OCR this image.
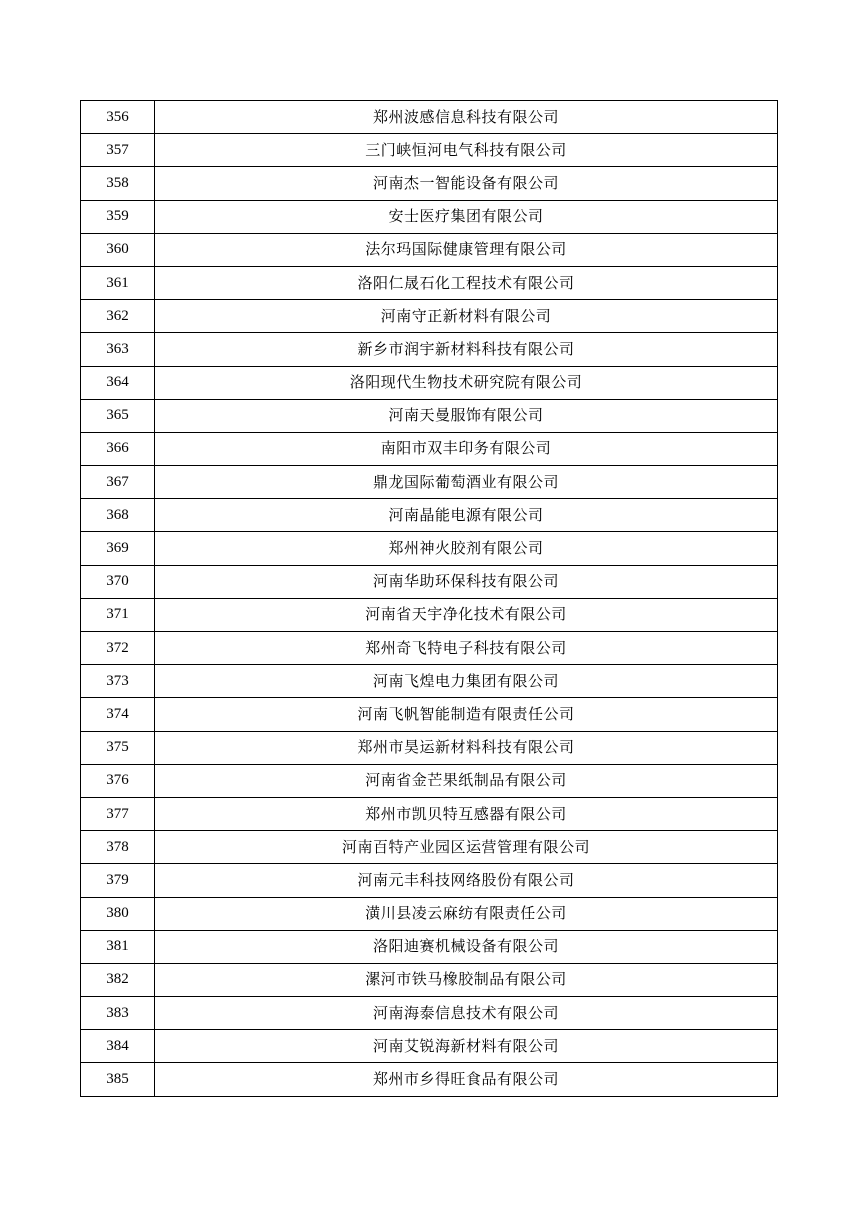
356	郑州波感信息科技有限公司
357	三门峡恒河电气科技有限公司
358	河南杰一智能设备有限公司
359	安士医疗集团有限公司
360	法尔玛国际健康管理有限公司
361	洛阳仁晟石化工程技术有限公司
362	河南守正新材料有限公司
363	新乡市润宇新材料科技有限公司
364	洛阳现代生物技术研究院有限公司
365	河南天曼服饰有限公司
366	南阳市双丰印务有限公司
367	鼎龙国际葡萄酒业有限公司
368	河南晶能电源有限公司
369	郑州神火胶剂有限公司
370	河南华助环保科技有限公司
371	河南省天宇净化技术有限公司
372	郑州奇飞特电子科技有限公司
373	河南飞煌电力集团有限公司
374	河南飞帆智能制造有限责任公司
375	郑州市昊运新材料科技有限公司
376	河南省金芒果纸制品有限公司
377	郑州市凯贝特互感器有限公司
378	河南百特产业园区运营管理有限公司
379	河南元丰科技网络股份有限公司
380	潢川县凌云麻纺有限责任公司
381	洛阳迪赛机械设备有限公司
382	漯河市铁马橡胶制品有限公司
383	河南海泰信息技术有限公司
384	河南艾锐海新材料有限公司
385	郑州市乡得旺食品有限公司
